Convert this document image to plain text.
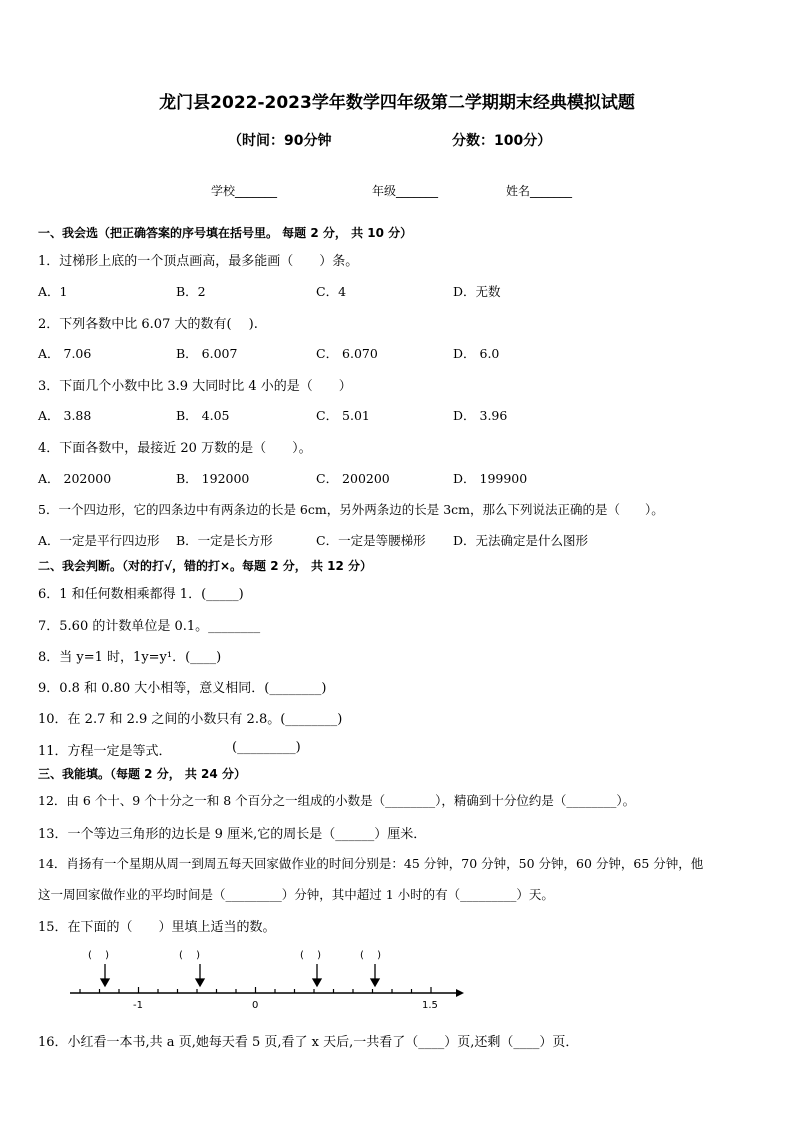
龙门县2022-2023学年数学四年级第二学期期末经典模拟试题
（时间：90分钟	分数：100分）
学校_______	年级_______	姓名_______
一、我会选（把正确答案的序号填在括号里。 每题 2 分， 共 10 分）
1．过梯形上底的一个顶点画高，最多能画（　　）条。
A．1	B．2	C．4	D．无数
2．下列各数中比 6.07 大的数有(　 ).
A． 7.06	B． 6.007	C． 6.070	D． 6.0
3．下面几个小数中比 3.9 大同时比 4 小的是（　　）
A． 3.88	B． 4.05	C． 5.01	D． 3.96
4．下面各数中，最接近 20 万数的是（　　）。
A． 202000	B． 192000	C． 200200	D． 199900
5．一个四边形，它的四条边中有两条边的长是 6cm，另外两条边的长是 3cm，那么下列说法正确的是（　　）。
A．一定是平行四边形 B．一定是长方形	C．一定是等腰梯形 D．无法确定是什么图形
二、我会判断。（对的打√，错的打×。每题 2 分， 共 12 分）
6．1 和任何数相乘都得 1．(_____)
7．5.60 的计数单位是 0.1。________
8．当 y=1 时，1y=y¹．(____)
9．0.8 和 0.80 大小相等，意义相同．(________)
10．在 2.7 和 2.9 之间的小数只有 2.8。(________)
11．方程一定是等式．	(_________)
三、我能填。（每题 2 分， 共 24 分）
12．由 6 个十、9 个十分之一和 8 个百分之一组成的小数是（________），精确到十分位约是（________）。
13．一个等边三角形的边长是 9 厘米,它的周长是（______）厘米．
14．肖扬有一个星期从周一到周五每天回家做作业的时间分别是：45 分钟，70 分钟，50 分钟，60 分钟，65 分钟，他
这一周回家做作业的平均时间是（_________）分钟，其中超过 1 小时的有（_________）天。
15．在下面的（　　）里填上适当的数。
(　 )	(　 )	(　 )	(　 )
-1	0	1.5
16．小红看一本书,共 a 页,她每天看 5 页,看了 x 天后,一共看了（____）页,还剩（____）页．
